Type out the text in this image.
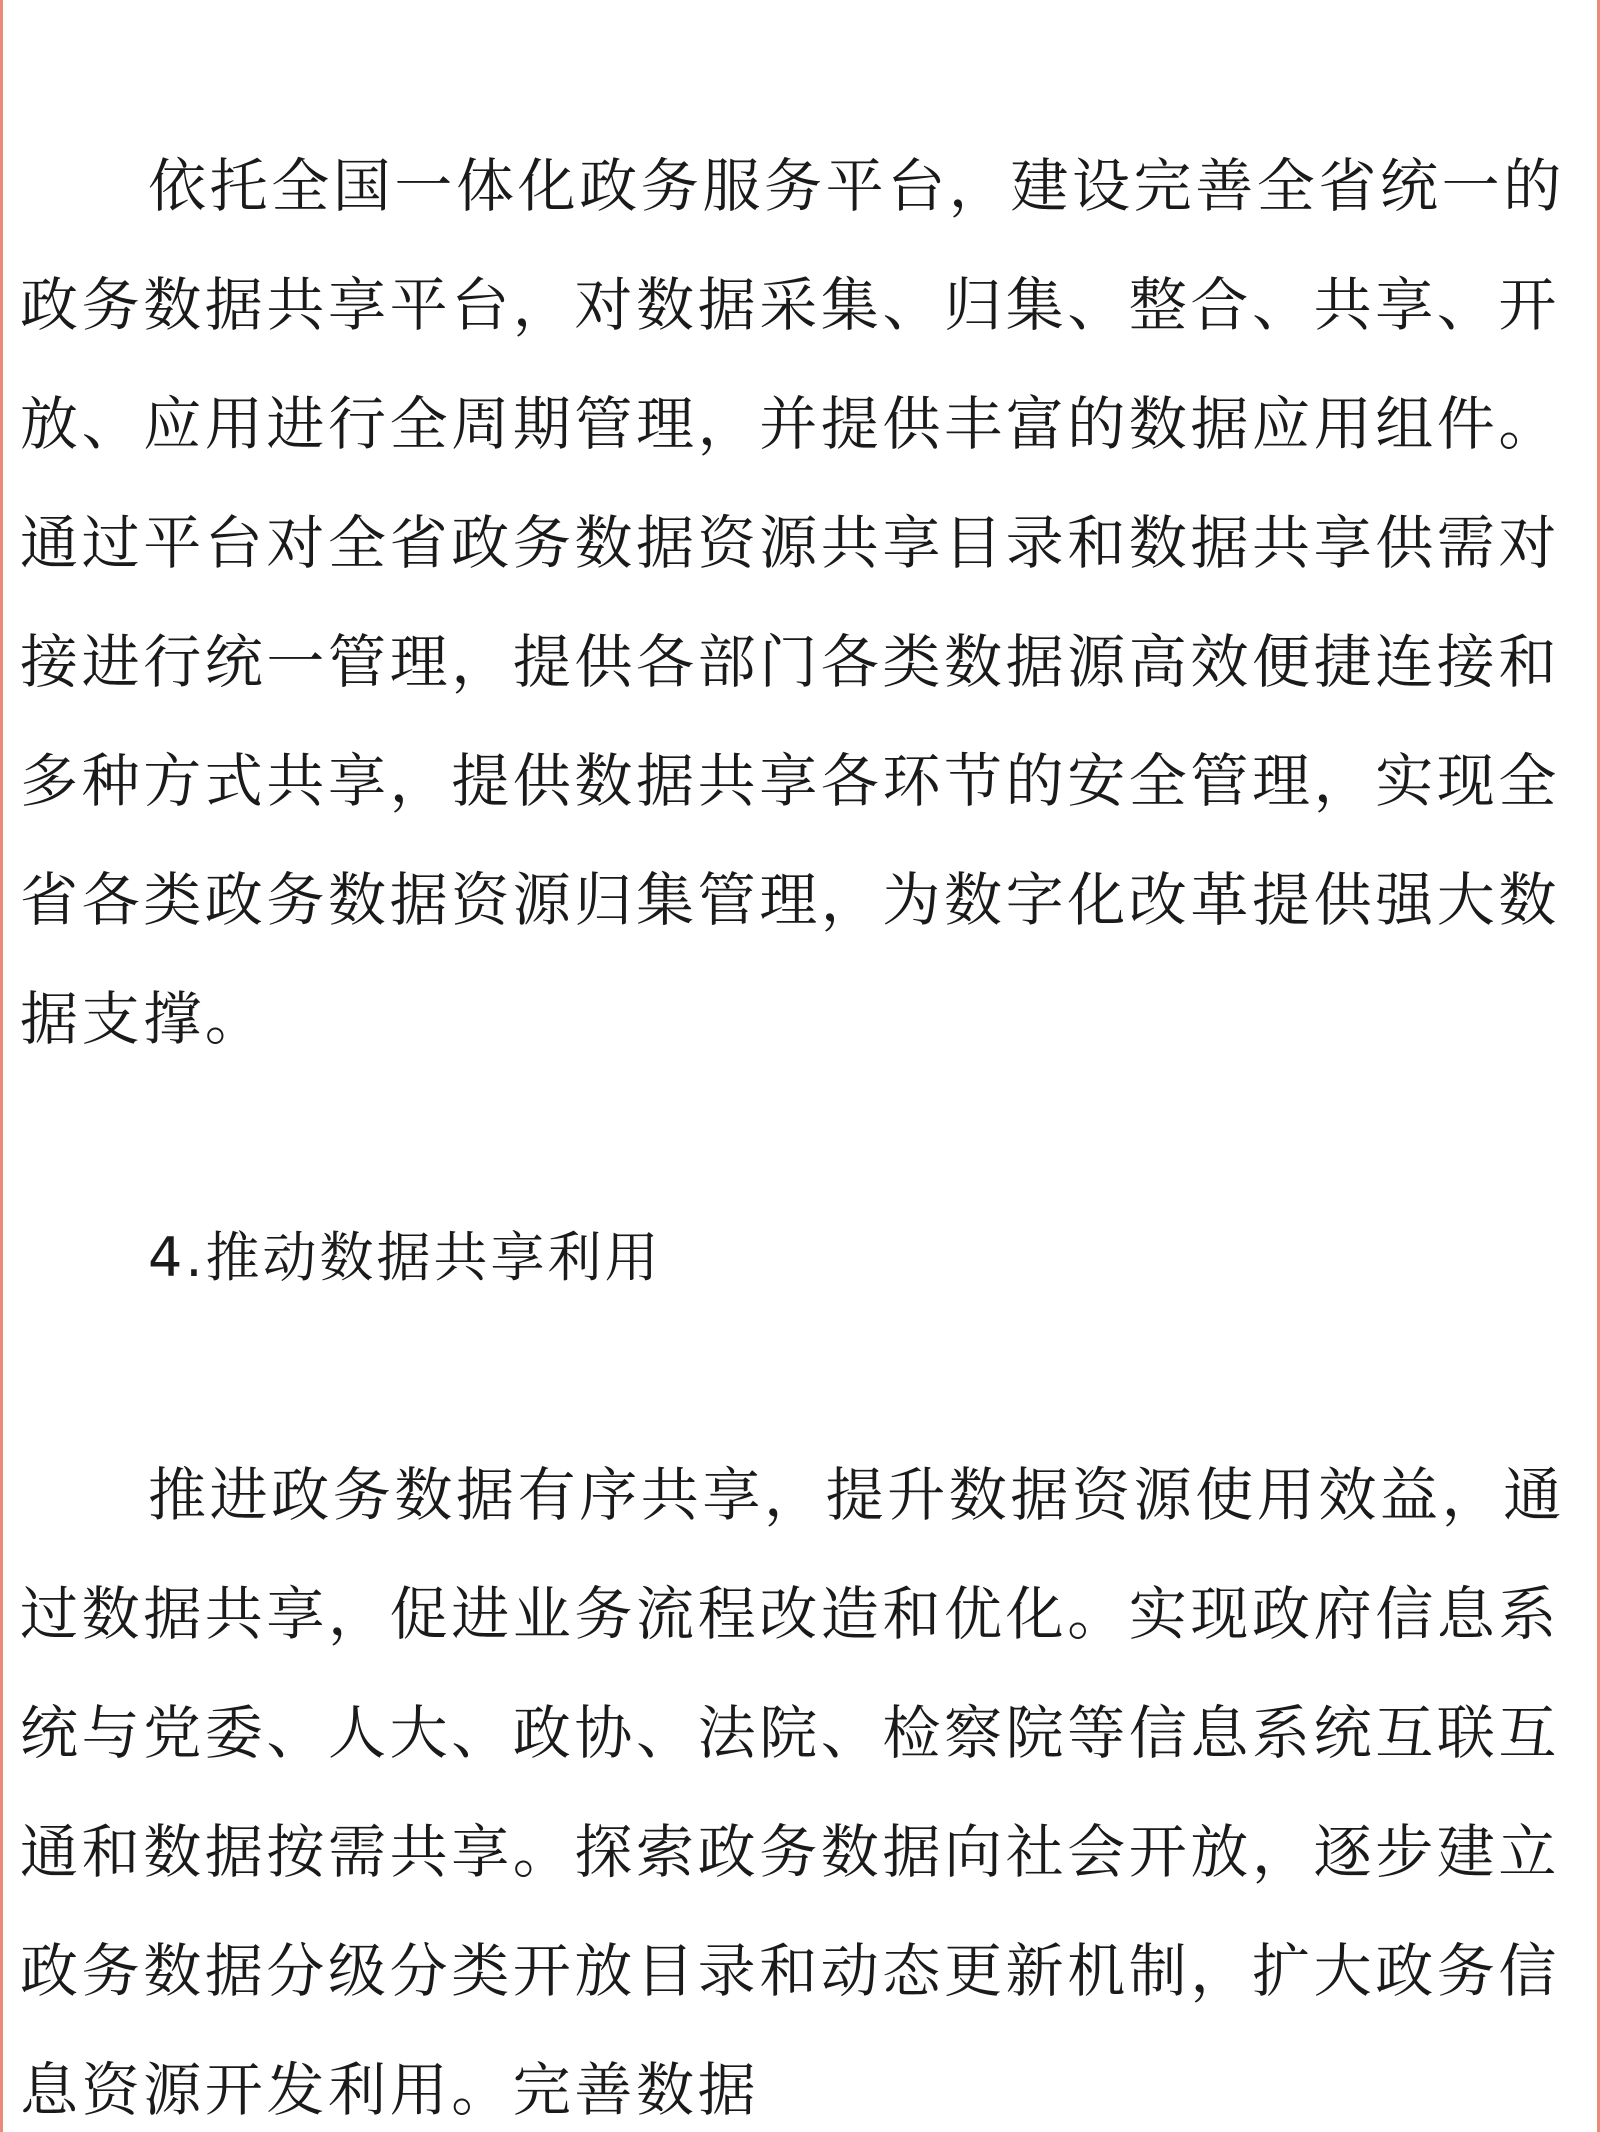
依托全国一体化政务服务平台，建设完善全省统一的政务数据共享平台，对数据采集、归集、整合、共享、开放、应用进行全周期管理，并提供丰富的数据应用组件。通过平台对全省政务数据资源共享目录和数据共享供需对接进行统一管理，提供各部门各类数据源高效便捷连接和多种方式共享，提供数据共享各环节的安全管理，实现全省各类政务数据资源归集管理，为数字化改革提供强大数据支撑。

4.推动数据共享利用

推进政务数据有序共享，提升数据资源使用效益，通过数据共享，促进业务流程改造和优化。实现政府信息系统与党委、人大、政协、法院、检察院等信息系统互联互通和数据按需共享。探索政务数据向社会开放，逐步建立政务数据分级分类开放目录和动态更新机制，扩大政务信息资源开发利用。完善数据
